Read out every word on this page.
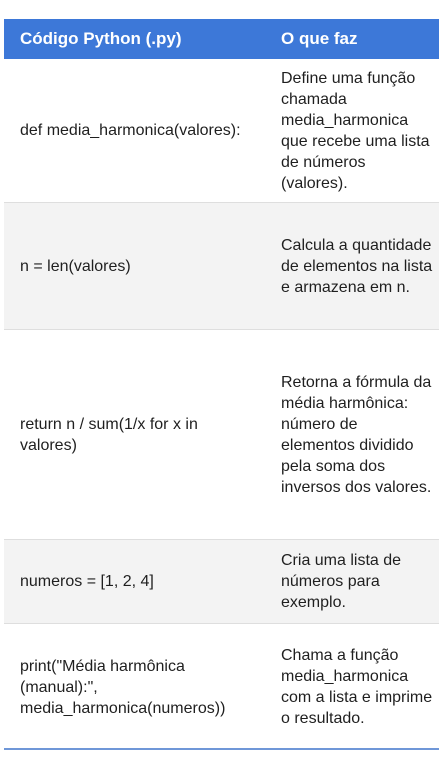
Código Python (.py)	O que faz
def media_harmonica(valores):	Define uma função chamada media_harmonica que recebe uma lista de números (valores).
n = len(valores)	Calcula a quantidade de elementos na lista e armazena em n.
return n / sum(1/x for x in valores)	Retorna a fórmula da média harmônica: número de elementos dividido pela soma dos inversos dos valores.
numeros = [1, 2, 4]	Cria uma lista de números para exemplo.
print("Média harmônica (manual):", media_harmonica(numeros))	Chama a função media_harmonica com a lista e imprime o resultado.
